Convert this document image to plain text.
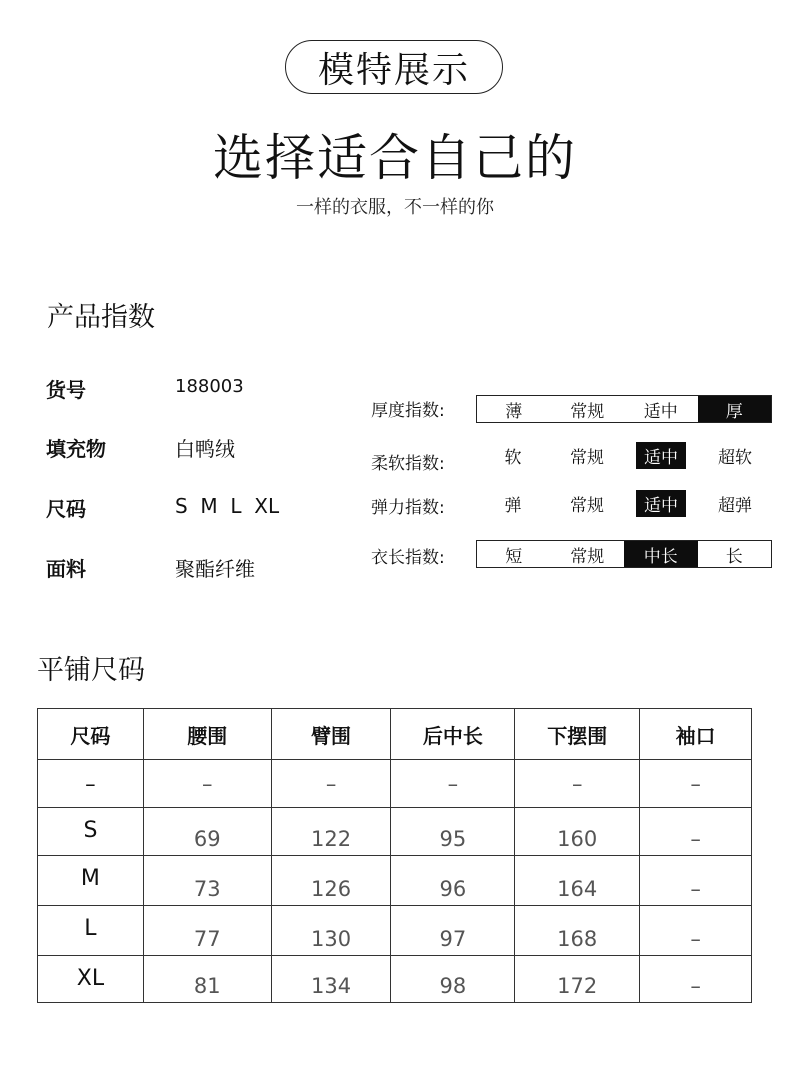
模特展示
选择适合自己的
一样的衣服，不一样的你
产品指数
货号	188003
填充物	白鸭绒
尺码	S  M  L  XL
面料	聚酯纤维
厚度指数:	薄	常规	适中	厚
柔软指数:	软	常规	适中	超软
弹力指数:	弹	常规	适中	超弹
衣长指数:	短	常规	中长	长
平铺尺码
尺码	腰围	臂围	后中长	下摆围	袖口
–	–	–	–	–	–
S	69	122	95	160	–
M	73	126	96	164	–
L	77	130	97	168	–
XL	81	134	98	172	–
